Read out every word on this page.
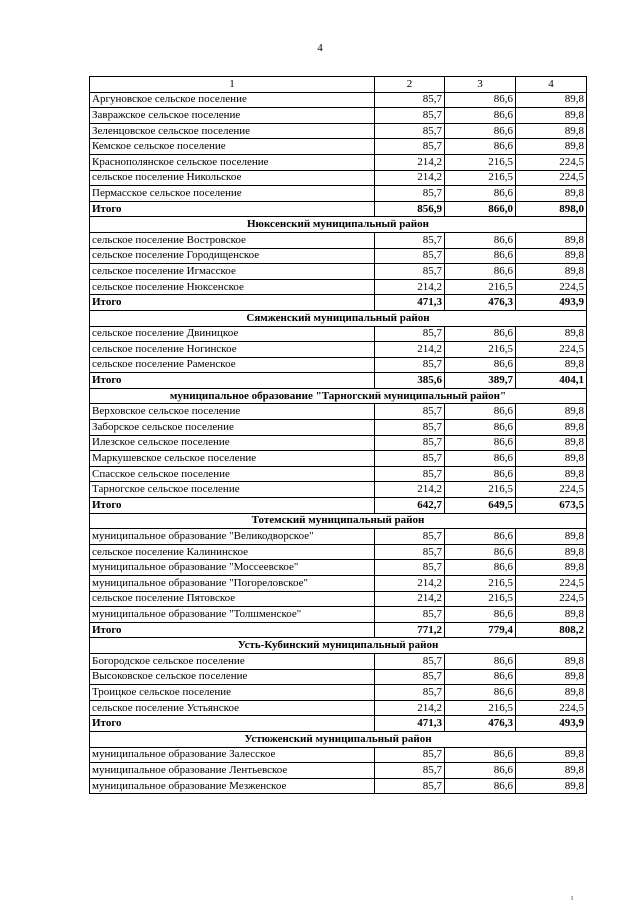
4
1	2	3	4
Аргуновское сельское поселение	85,7	86,6	89,8
Завражское сельское поселение	85,7	86,6	89,8
Зеленцовское сельское поселение	85,7	86,6	89,8
Кемское сельское поселение	85,7	86,6	89,8
Краснополянское сельское поселение	214,2	216,5	224,5
сельское поселение Никольское	214,2	216,5	224,5
Пермасское сельское поселение	85,7	86,6	89,8
Итого	856,9	866,0	898,0
Нюксенский муниципальный район			
сельское поселение Востровское	85,7	86,6	89,8
сельское поселение Городищенское	85,7	86,6	89,8
сельское поселение Игмасское	85,7	86,6	89,8
сельское поселение Нюксенское	214,2	216,5	224,5
Итого	471,3	476,3	493,9
Сямженский муниципальный район			
сельское поселение Двиницкое	85,7	86,6	89,8
сельское поселение Ногинское	214,2	216,5	224,5
сельское поселение Раменское	85,7	86,6	89,8
Итого	385,6	389,7	404,1
муниципальное образование "Тарногский муниципальный район"			
Верховское сельское поселение	85,7	86,6	89,8
Заборское сельское поселение	85,7	86,6	89,8
Илезское сельское поселение	85,7	86,6	89,8
Маркушевское сельское поселение	85,7	86,6	89,8
Спасское сельское поселение	85,7	86,6	89,8
Тарногское сельское поселение	214,2	216,5	224,5
Итого	642,7	649,5	673,5
Тотемский муниципальный район			
муниципальное образование "Великодворское"	85,7	86,6	89,8
сельское поселение Калининское	85,7	86,6	89,8
муниципальное образование "Моссеевское"	85,7	86,6	89,8
муниципальное образование "Погореловское"	214,2	216,5	224,5
сельское поселение Пятовское	214,2	216,5	224,5
муниципальное образование "Толшменское"	85,7	86,6	89,8
Итого	771,2	779,4	808,2
Усть-Кубинский муниципальный район			
Богородское сельское поселение	85,7	86,6	89,8
Высоковское сельское поселение	85,7	86,6	89,8
Троицкое сельское поселение	85,7	86,6	89,8
сельское поселение Устьянское	214,2	216,5	224,5
Итого	471,3	476,3	493,9
Устюженский муниципальный район			
муниципальное образование Залесское	85,7	86,6	89,8
муниципальное образование Лентьевское	85,7	86,6	89,8
муниципальное образование Мезженское	85,7	86,6	89,8
ı
